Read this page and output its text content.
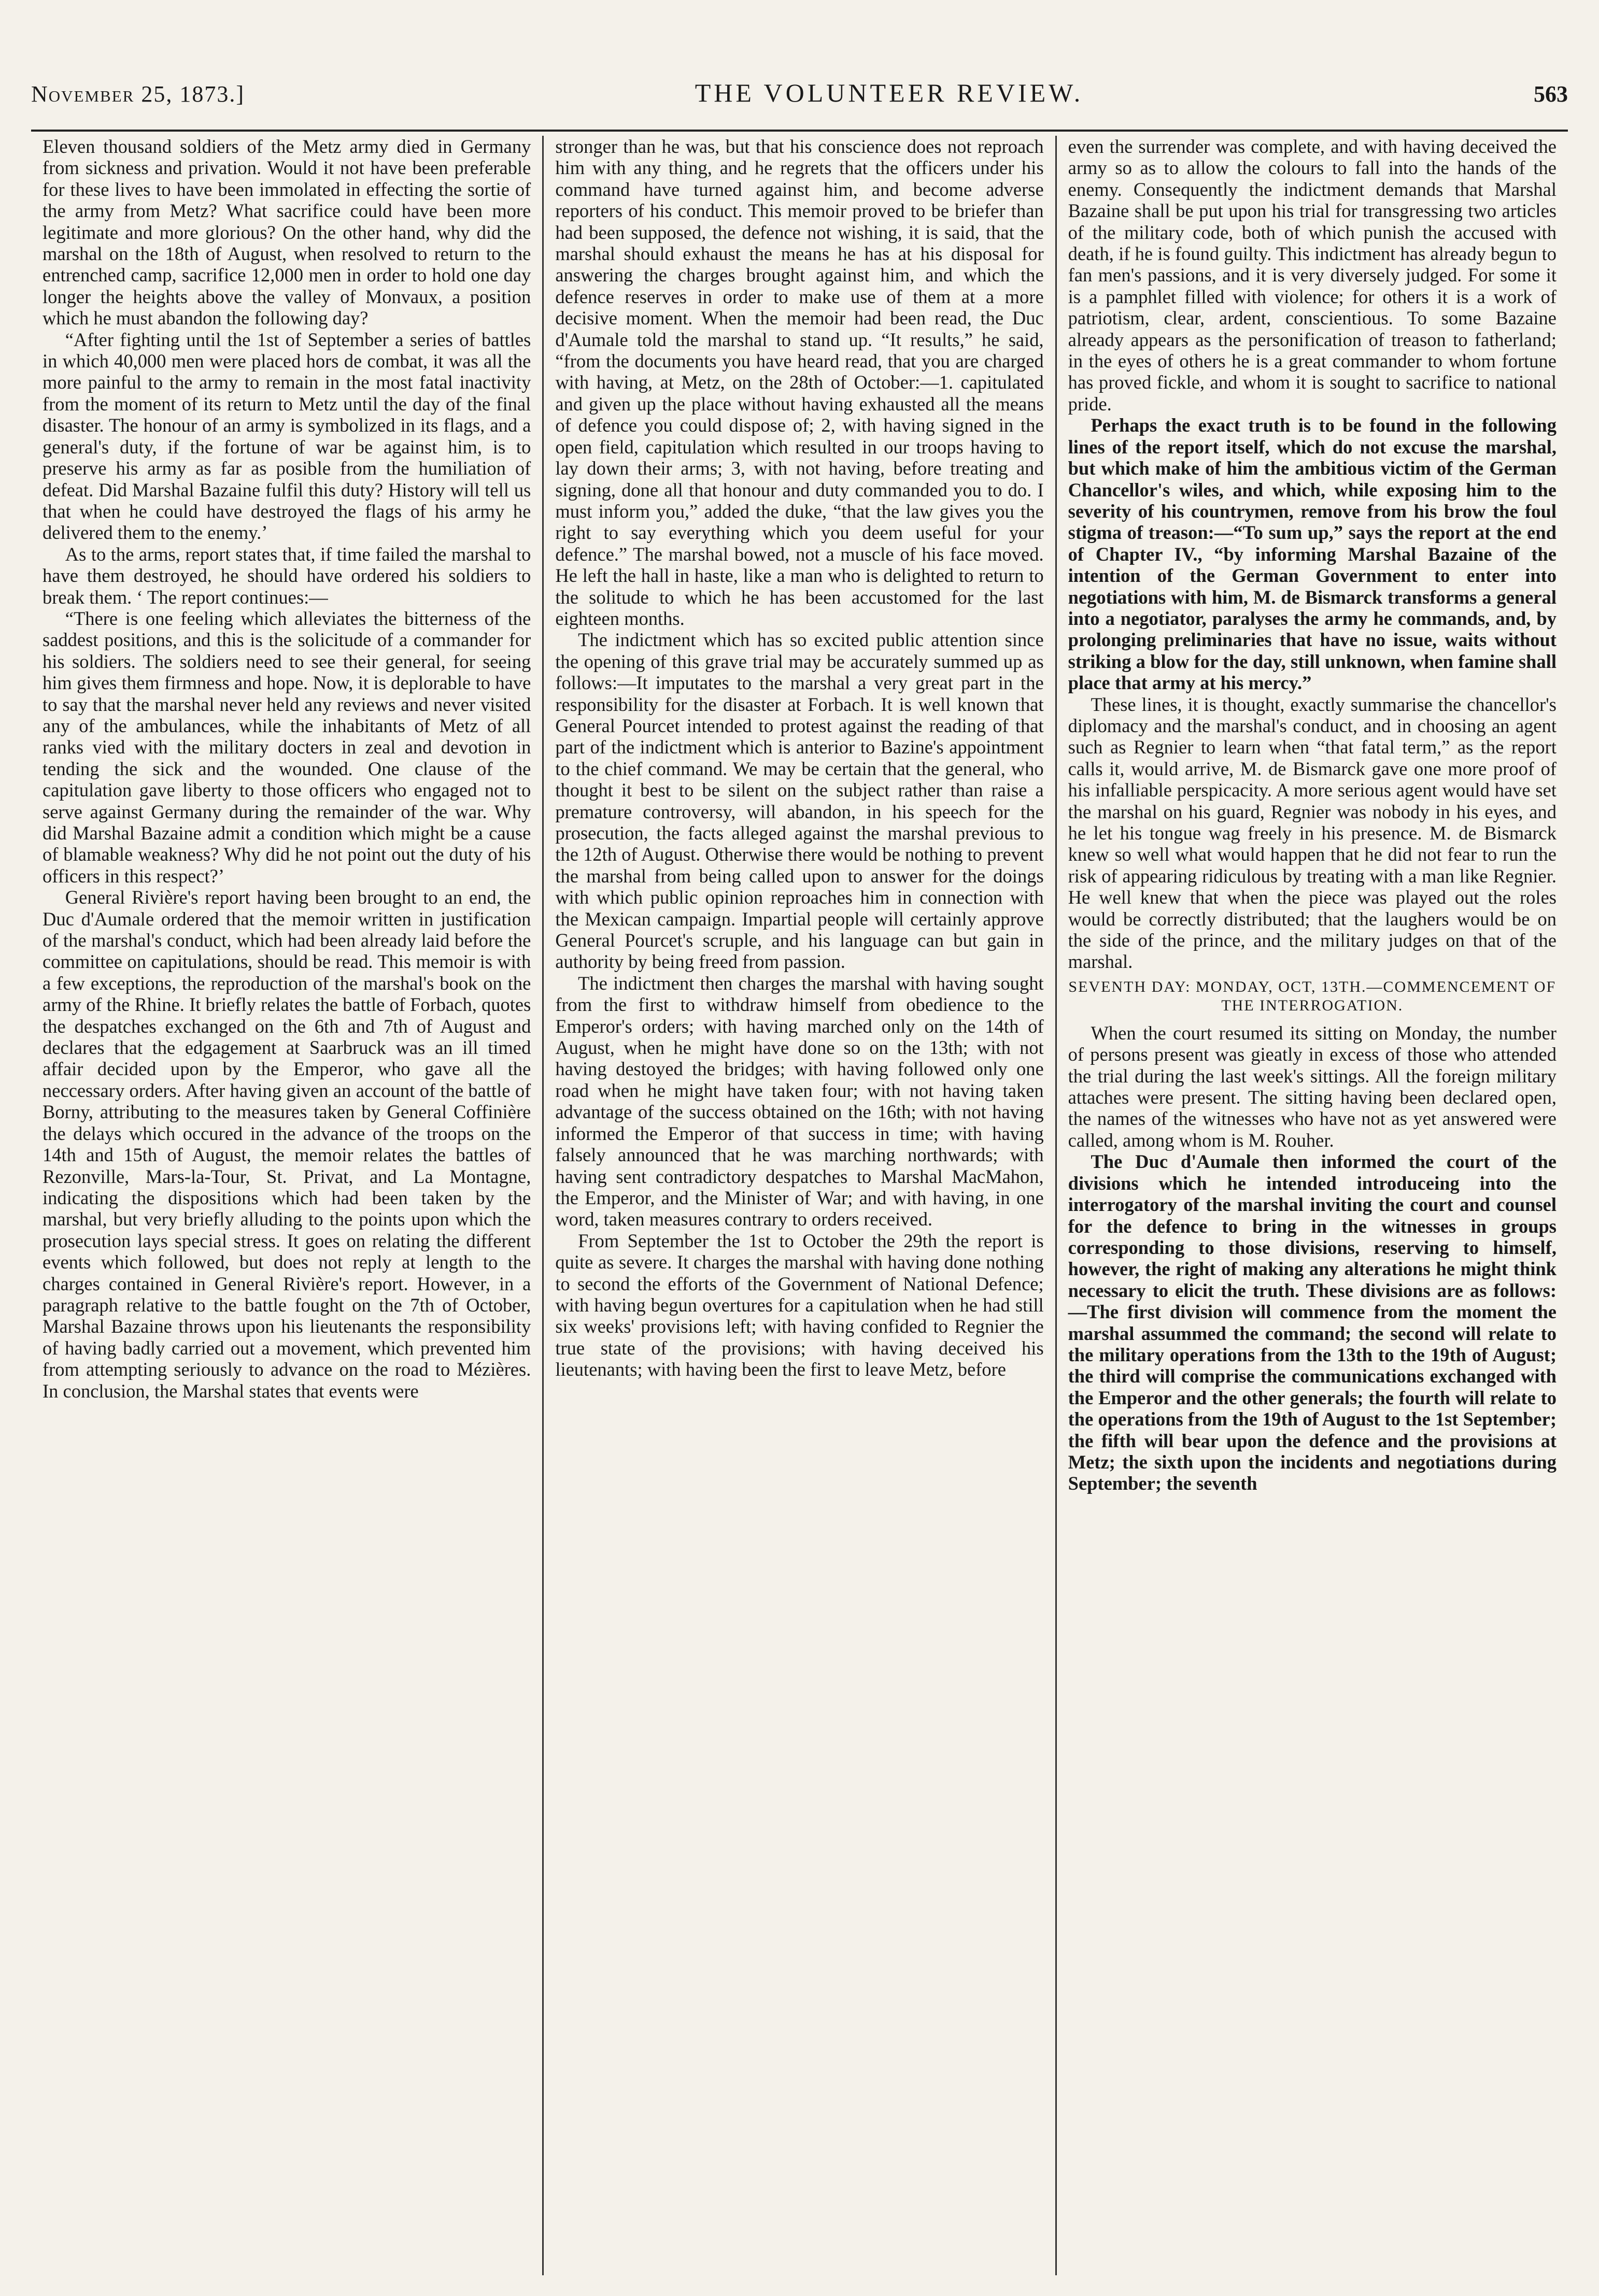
November 25, 1873.]	THE VOLUNTEER REVIEW.	563

Eleven thousand soldiers of the Metz army died in Germany from sickness and privation. Would it not have been preferable for these lives to have been immolated in effecting the sortie of the army from Metz? What sacrifice could have been more legitimate and more glorious? On the other hand, why did the marshal on the 18th of August, when resolved to return to the entrenched camp, sacrifice 12,000 men in order to hold one day longer the heights above the valley of Monvaux, a position which he must abandon the following day?

“After fighting until the 1st of September a series of battles in which 40,000 men were placed hors de combat, it was all the more painful to the army to remain in the most fatal inactivity from the moment of its return to Metz until the day of the final disaster. The honour of an army is symbolized in its flags, and a general's duty, if the fortune of war be against him, is to preserve his army as far as posible from the humiliation of defeat. Did Marshal Bazaine fulfil this duty? History will tell us that when he could have destroyed the flags of his army he delivered them to the enemy.’

As to the arms, report states that, if time failed the marshal to have them destroyed, he should have ordered his soldiers to break them. ‘ The report continues:—

“There is one feeling which alleviates the bitterness of the saddest positions, and this is the solicitude of a commander for his soldiers. The soldiers need to see their general, for seeing him gives them firmness and hope. Now, it is deplorable to have to say that the marshal never held any reviews and never visited any of the ambulances, while the inhabitants of Metz of all ranks vied with the military docters in zeal and devotion in tending the sick and the wounded. One clause of the capitulation gave liberty to those officers who engaged not to serve against Germany during the remainder of the war. Why did Marshal Bazaine admit a condition which might be a cause of blamable weakness? Why did he not point out the duty of his officers in this respect?’

General Rivière's report having been brought to an end, the Duc d'Aumale ordered that the memoir written in justification of the marshal's conduct, which had been already laid before the committee on capitulations, should be read. This memoir is with a few exceptions, the reproduction of the marshal's book on the army of the Rhine. It briefly relates the battle of Forbach, quotes the despatches exchanged on the 6th and 7th of August and declares that the edgagement at Saarbruck was an ill timed affair decided upon by the Emperor, who gave all the neccessary orders. After having given an account of the battle of Borny, attributing to the measures taken by General Coffinière the delays which occured in the advance of the troops on the 14th and 15th of August, the memoir relates the battles of Rezonville, Mars-la-Tour, St. Privat, and La Montagne, indicating the dispositions which had been taken by the marshal, but very briefly alluding to the points upon which the prosecution lays special stress. It goes on relating the different events which followed, but does not reply at length to the charges contained in General Rivière's report. However, in a paragraph relative to the battle fought on the 7th of October, Marshal Bazaine throws upon his lieutenants the responsibility of having badly carried out a movement, which prevented him from attempting seriously to advance on the road to Mézières. In conclusion, the Marshal states that events were

stronger than he was, but that his conscience does not reproach him with any thing, and he regrets that the officers under his command have turned against him, and become adverse reporters of his conduct. This memoir proved to be briefer than had been supposed, the defence not wishing, it is said, that the marshal should exhaust the means he has at his disposal for answering the charges brought against him, and which the defence reserves in order to make use of them at a more decisive moment. When the memoir had been read, the Duc d'Aumale told the marshal to stand up. “It results,” he said, “from the documents you have heard read, that you are charged with having, at Metz, on the 28th of October:—1. capitulated and given up the place without having exhausted all the means of defence you could dispose of; 2, with having signed in the open field, capitulation which resulted in our troops having to lay down their arms; 3, with not having, before treating and signing, done all that honour and duty commanded you to do. I must inform you,” added the duke, “that the law gives you the right to say everything which you deem useful for your defence.” The marshal bowed, not a muscle of his face moved. He left the hall in haste, like a man who is delighted to return to the solitude to which he has been accustomed for the last eighteen months.

The indictment which has so excited public attention since the opening of this grave trial may be accurately summed up as follows:—It imputates to the marshal a very great part in the responsibility for the disaster at Forbach. It is well known that General Pourcet intended to protest against the reading of that part of the indictment which is anterior to Bazine's appointment to the chief command. We may be certain that the general, who thought it best to be silent on the subject rather than raise a premature controversy, will abandon, in his speech for the prosecution, the facts alleged against the marshal previous to the 12th of August. Otherwise there would be nothing to prevent the marshal from being called upon to answer for the doings with which public opinion reproaches him in connection with the Mexican campaign. Impartial people will certainly approve General Pourcet's scruple, and his language can but gain in authority by being freed from passion.

The indictment then charges the marshal with having sought from the first to withdraw himself from obedience to the Emperor's orders; with having marched only on the 14th of August, when he might have done so on the 13th; with not having destoyed the bridges; with having followed only one road when he might have taken four; with not having taken advantage of the success obtained on the 16th; with not having informed the Emperor of that success in time; with having falsely announced that he was marching northwards; with having sent contradictory despatches to Marshal MacMahon, the Emperor, and the Minister of War; and with having, in one word, taken measures contrary to orders received.

From September the 1st to October the 29th the report is quite as severe. It charges the marshal with having done nothing to second the efforts of the Government of National Defence; with having begun overtures for a capitulation when he had still six weeks' provisions left; with having confided to Regnier the true state of the provisions; with having deceived his lieutenants; with having been the first to leave Metz, before

even the surrender was complete, and with having deceived the army so as to allow the colours to fall into the hands of the enemy. Consequently the indictment demands that Marshal Bazaine shall be put upon his trial for transgressing two articles of the military code, both of which punish the accused with death, if he is found guilty. This indictment has already begun to fan men's passions, and it is very diversely judged. For some it is a pamphlet filled with violence; for others it is a work of patriotism, clear, ardent, conscientious. To some Bazaine already appears as the personification of treason to fatherland; in the eyes of others he is a great commander to whom fortune has proved fickle, and whom it is sought to sacrifice to national pride.

Perhaps the exact truth is to be found in the following lines of the report itself, which do not excuse the marshal, but which make of him the ambitious victim of the German Chancellor's wiles, and which, while exposing him to the severity of his countrymen, remove from his brow the foul stigma of treason:—“To sum up,” says the report at the end of Chapter IV., “by informing Marshal Bazaine of the intention of the German Government to enter into negotiations with him, M. de Bismarck transforms a general into a negotiator, paralyses the army he commands, and, by prolonging preliminaries that have no issue, waits without striking a blow for the day, still unknown, when famine shall place that army at his mercy.”

These lines, it is thought, exactly summarise the chancellor's diplomacy and the marshal's conduct, and in choosing an agent such as Regnier to learn when “that fatal term,” as the report calls it, would arrive, M. de Bismarck gave one more proof of his infalliable perspicacity. A more serious agent would have set the marshal on his guard, Regnier was nobody in his eyes, and he let his tongue wag freely in his presence. M. de Bismarck knew so well what would happen that he did not fear to run the risk of appearing ridiculous by treating with a man like Regnier. He well knew that when the piece was played out the roles would be correctly distributed; that the laughers would be on the side of the prince, and the military judges on that of the marshal.

SEVENTH DAY: MONDAY, OCT, 13TH.—COMMENCEMENT OF THE INTERROGATION.

When the court resumed its sitting on Monday, the number of persons present was gieatly in excess of those who attended the trial during the last week's sittings. All the foreign military attaches were present. The sitting having been declared open, the names of the witnesses who have not as yet answered were called, among whom is M. Rouher.

The Duc d'Aumale then informed the court of the divisions which he intended introduceing into the interrogatory of the marshal inviting the court and counsel for the defence to bring in the witnesses in groups corresponding to those divisions, reserving to himself, however, the right of making any alterations he might think necessary to elicit the truth. These divisions are as follows:—The first division will commence from the moment the marshal assummed the command; the second will relate to the military operations from the 13th to the 19th of August; the third will comprise the communications exchanged with the Emperor and the other generals; the fourth will relate to the operations from the 19th of August to the 1st September; the fifth will bear upon the defence and the provisions at Metz; the sixth upon the incidents and negotiations during September; the seventh
